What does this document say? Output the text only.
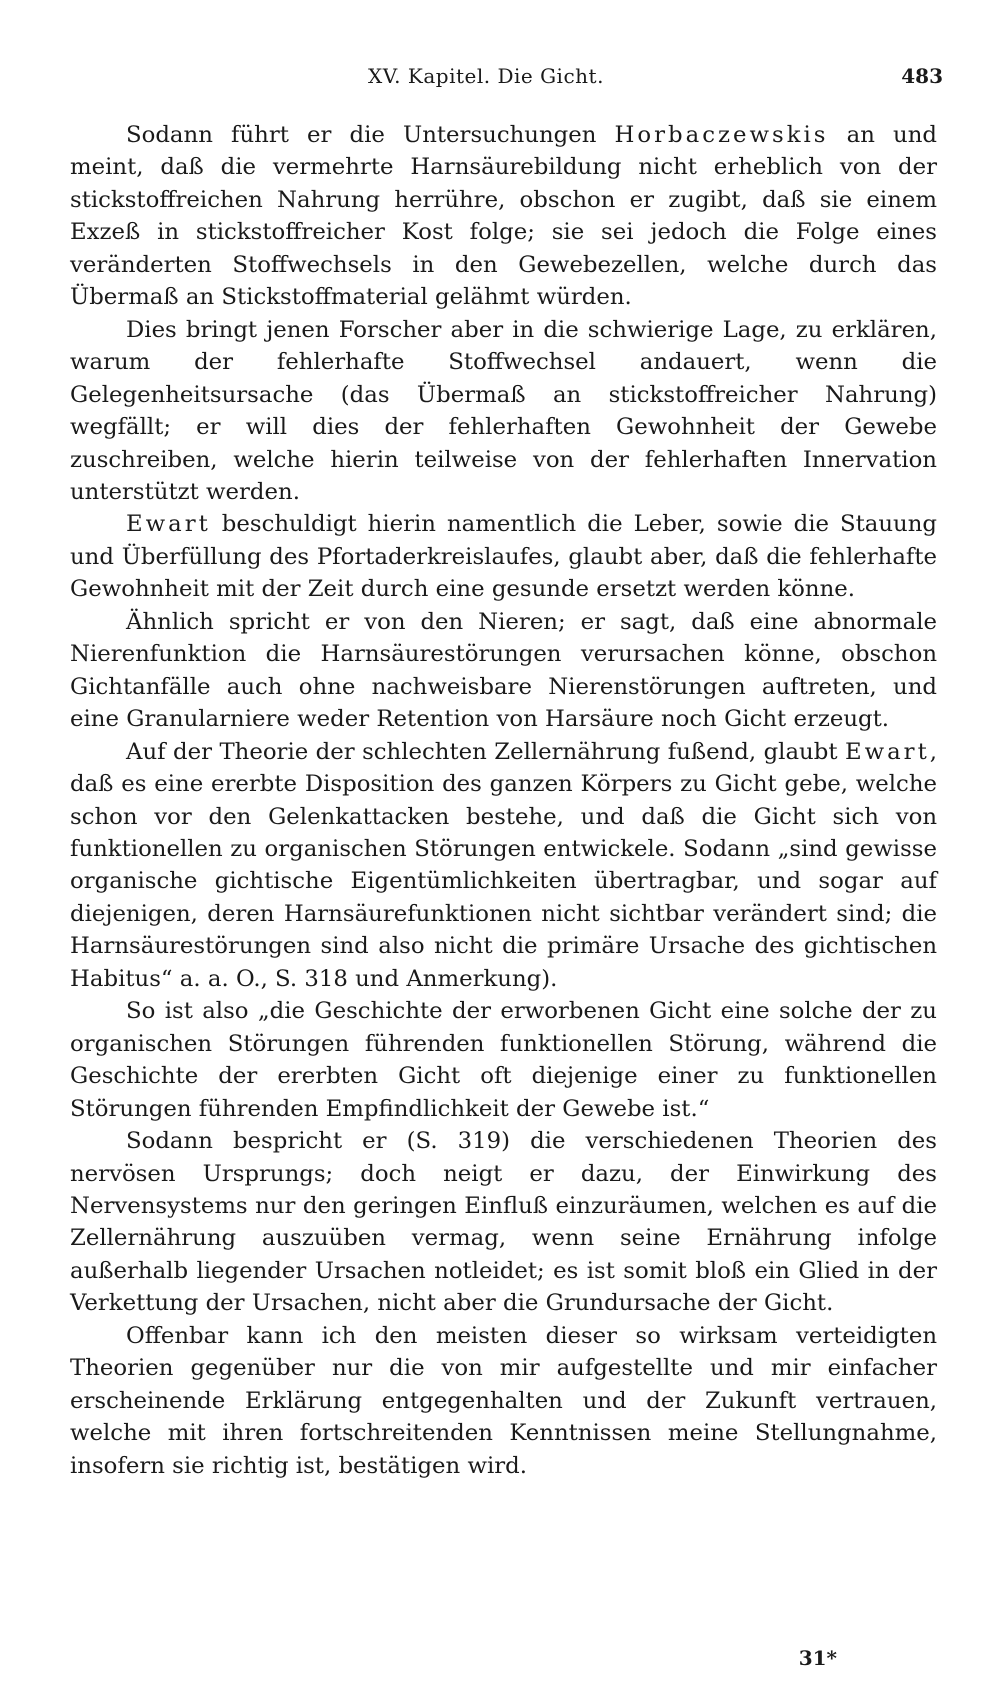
XV. Kapitel. Die Gicht.	483

Sodann führt er die Untersuchungen Horbaczewskis an und meint, daß die vermehrte Harnsäurebildung nicht erheblich von der stickstoffreichen Nahrung herrühre, obschon er zugibt, daß sie einem Exzeß in stickstoffreicher Kost folge; sie sei jedoch die Folge eines veränderten Stoffwechsels in den Gewebezellen, welche durch das Übermaß an Stickstoffmaterial gelähmt würden.

Dies bringt jenen Forscher aber in die schwierige Lage, zu erklären, warum der fehlerhafte Stoffwechsel andauert, wenn die Gelegenheitsursache (das Übermaß an stickstoffreicher Nahrung) wegfällt; er will dies der fehlerhaften Gewohnheit der Gewebe zuschreiben, welche hierin teilweise von der fehlerhaften Innervation unterstützt werden.

Ewart beschuldigt hierin namentlich die Leber, sowie die Stauung und Überfüllung des Pfortaderkreislaufes, glaubt aber, daß die fehlerhafte Gewohnheit mit der Zeit durch eine gesunde ersetzt werden könne.

Ähnlich spricht er von den Nieren; er sagt, daß eine abnormale Nierenfunktion die Harnsäurestörungen verursachen könne, obschon Gichtanfälle auch ohne nachweisbare Nierenstörungen auftreten, und eine Granularniere weder Retention von Harsäure noch Gicht erzeugt.

Auf der Theorie der schlechten Zellernährung fußend, glaubt Ewart, daß es eine ererbte Disposition des ganzen Körpers zu Gicht gebe, welche schon vor den Gelenkattacken bestehe, und daß die Gicht sich von funktionellen zu organischen Störungen entwickele. Sodann „sind gewisse organische gichtische Eigentümlichkeiten übertragbar, und sogar auf diejenigen, deren Harnsäurefunktionen nicht sichtbar verändert sind; die Harnsäurestörungen sind also nicht die primäre Ursache des gichtischen Habitus“ a. a. O., S. 318 und Anmerkung).

So ist also „die Geschichte der erworbenen Gicht eine solche der zu organischen Störungen führenden funktionellen Störung, während die Geschichte der ererbten Gicht oft diejenige einer zu funktionellen Störungen führenden Empfindlichkeit der Gewebe ist.“

Sodann bespricht er (S. 319) die verschiedenen Theorien des nervösen Ursprungs; doch neigt er dazu, der Einwirkung des Nervensystems nur den geringen Einfluß einzuräumen, welchen es auf die Zellernährung auszuüben vermag, wenn seine Ernährung infolge außerhalb liegender Ursachen notleidet; es ist somit bloß ein Glied in der Verkettung der Ursachen, nicht aber die Grundursache der Gicht.

Offenbar kann ich den meisten dieser so wirksam verteidigten Theorien gegenüber nur die von mir aufgestellte und mir einfacher erscheinende Erklärung entgegenhalten und der Zukunft vertrauen, welche mit ihren fortschreitenden Kenntnissen meine Stellungnahme, insofern sie richtig ist, bestätigen wird.

31*
